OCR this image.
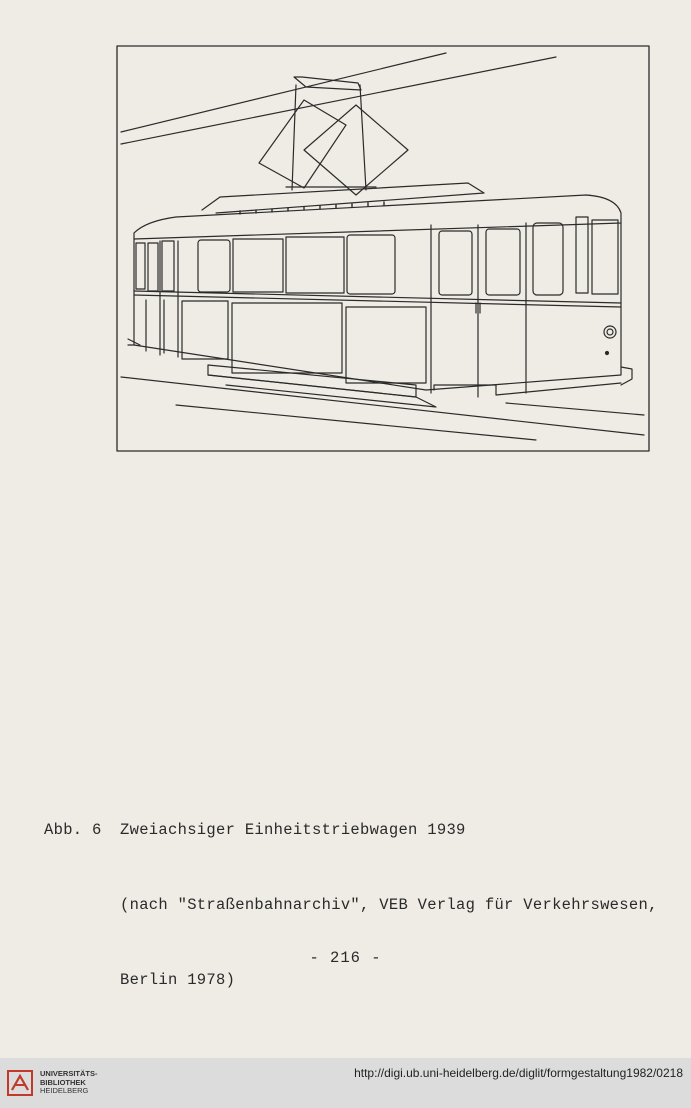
Abb. 6 Zweiachsiger Einheitstriebwagen 1939

(nach "Straßenbahnarchiv", VEB Verlag für Verkehrswesen,

Berlin 1978)

- 216 -
UNIVERSITÄTS-
BIBLIOTHEK
HEIDELBERG
http://digi.ub.uni-heidelberg.de/diglit/formgestaltung1982/0218
